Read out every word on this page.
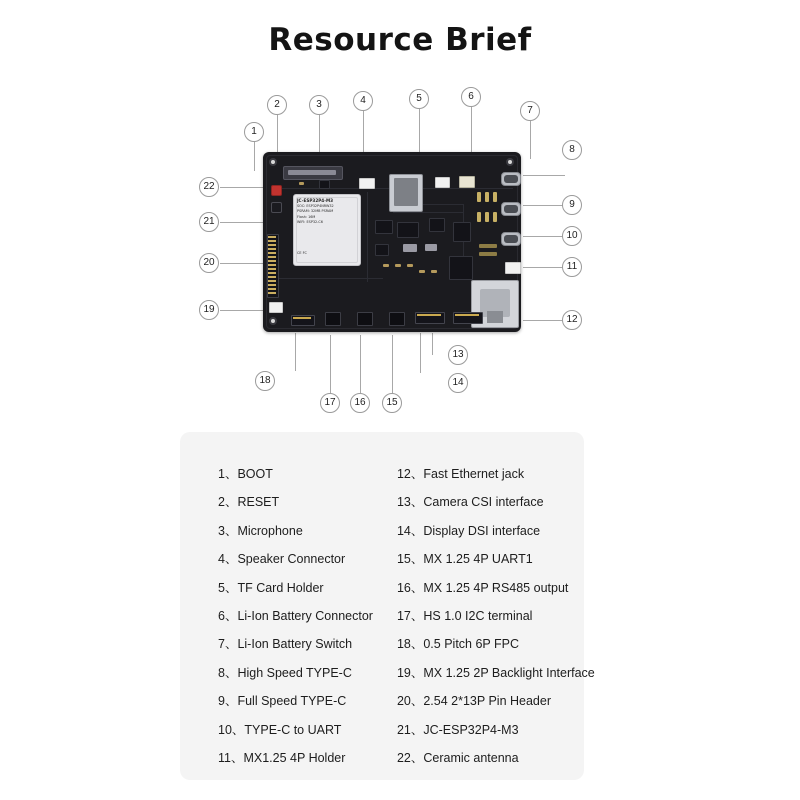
Resource Brief
JC-ESP32P4-M3
SOC: ESP32P4NRW32
PSRAM: 32MB PSRAM
Flash: 16M
WIFI: ESP32-C6
CE FC
1
2	3	4	5	6
7
8
9
10
11
12
13
14
15
16
17
18
19
20
21
22
1、BOOT
2、RESET
3、Microphone
4、Speaker Connector
5、TF Card Holder
6、Li-Ion Battery Connector
7、Li-Ion Battery Switch
8、High Speed TYPE-C
9、Full Speed TYPE-C
10、TYPE-C to UART
11、MX1.25 4P Holder
12、Fast Ethernet jack
13、Camera CSI interface
14、Display DSI interface
15、MX 1.25 4P UART1
16、MX 1.25 4P RS485 output
17、HS 1.0 I2C terminal
18、0.5 Pitch 6P FPC
19、MX 1.25 2P Backlight Interface
20、2.54 2*13P Pin Header
21、JC-ESP32P4-M3
22、Ceramic antenna
